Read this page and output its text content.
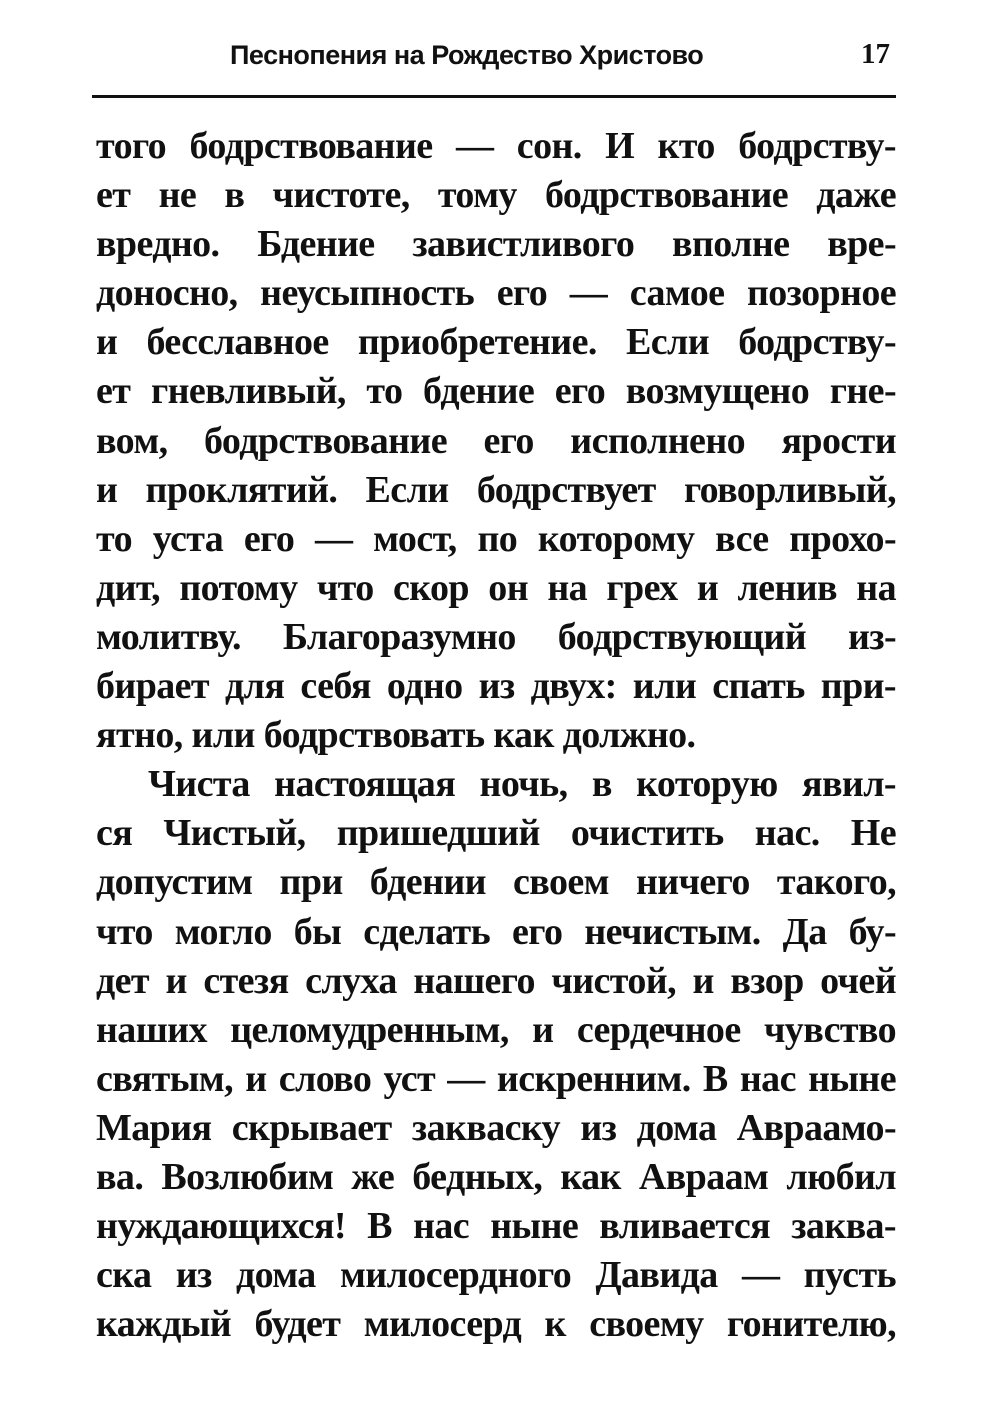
Песнопения на Рождество Христово	17
того бодрствование — сон. И кто бодрству-
ет не в чистоте, тому бодрствование даже
вредно. Бдение завистливого вполне вре-
доносно, неусыпность его — самое позорное
и бесславное приобретение. Если бодрству-
ет гневливый, то бдение его возмущено гне-
вом, бодрствование его исполнено ярости
и проклятий. Если бодрствует говорливый,
то уста его — мост, по которому все прохо-
дит, потому что скор он на грех и ленив на
молитву. Благоразумно бодрствующий из-
бирает для себя одно из двух: или спать при-
ятно, или бодрствовать как должно.
Чиста настоящая ночь, в которую явил-
ся Чистый, пришедший очистить нас. Не
допустим при бдении своем ничего такого,
что могло бы сделать его нечистым. Да бу-
дет и стезя слуха нашего чистой, и взор очей
наших целомудренным, и сердечное чувство
святым, и слово уст — искренним. В нас ныне
Мария скрывает закваску из дома Авраамо-
ва. Возлюбим же бедных, как Авраам любил
нуждающихся! В нас ныне вливается заква-
ска из дома милосердного Давида — пусть
каждый будет милосерд к своему гонителю,
